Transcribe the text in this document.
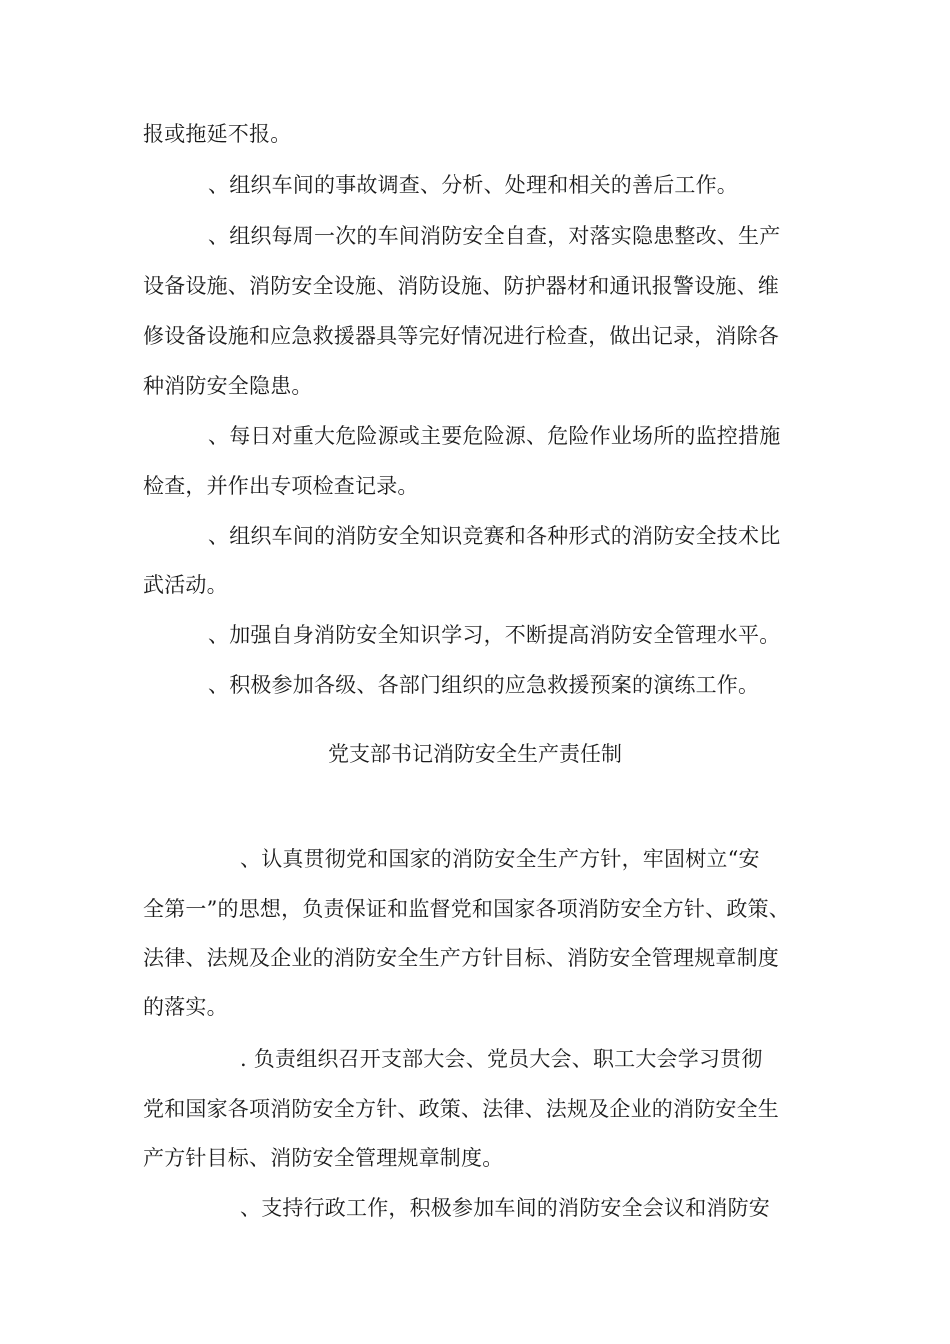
报或拖延不报。
、组织车间的事故调查、分析、处理和相关的善后工作。
、组织每周一次的车间消防安全自查，对落实隐患整改、生产
设备设施、消防安全设施、消防设施、防护器材和通讯报警设施、维
修设备设施和应急救援器具等完好情况进行检查，做出记录，消除各
种消防安全隐患。
、每日对重大危险源或主要危险源、危险作业场所的监控措施
检查，并作出专项检查记录。
、组织车间的消防安全知识竞赛和各种形式的消防安全技术比
武活动。
、加强自身消防安全知识学习，不断提高消防安全管理水平。
、积极参加各级、各部门组织的应急救援预案的演练工作。
党支部书记消防安全生产责任制
、认真贯彻党和国家的消防安全生产方针，牢固树立“安
全第一”的思想，负责保证和监督党和国家各项消防安全方针、政策、
法律、法规及企业的消防安全生产方针目标、消防安全管理规章制度
的落实。
. 负责组织召开支部大会、党员大会、职工大会学习贯彻
党和国家各项消防安全方针、政策、法律、法规及企业的消防安全生
产方针目标、消防安全管理规章制度。
、支持行政工作，积极参加车间的消防安全会议和消防安
